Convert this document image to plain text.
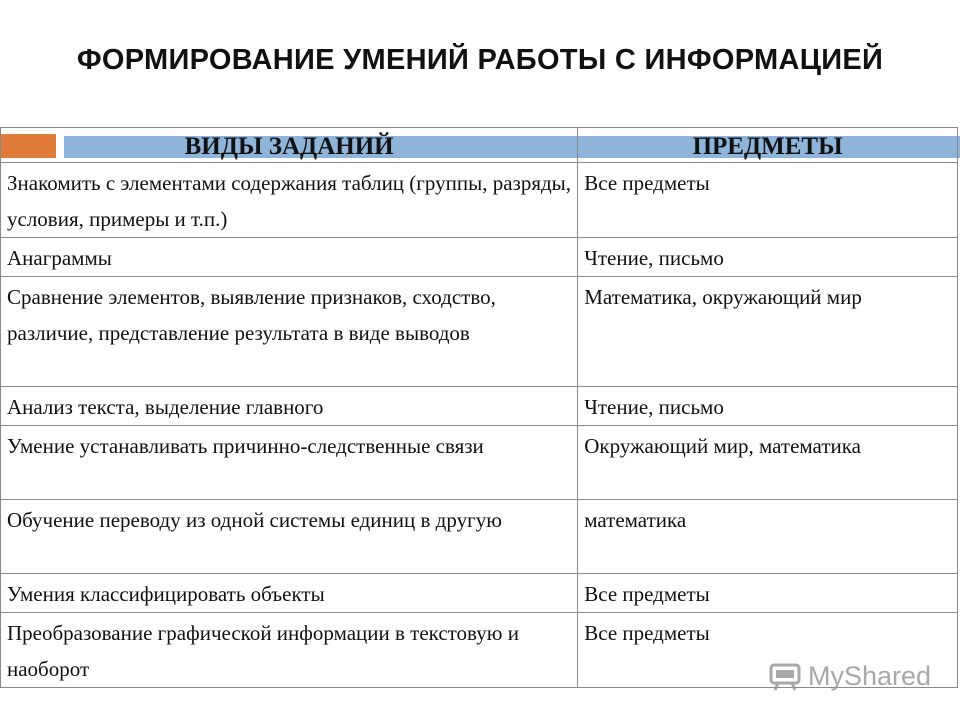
ФОРМИРОВАНИЕ УМЕНИЙ РАБОТЫ С ИНФОРМАЦИЕЙ
ВИДЫ ЗАДАНИЙ	ПРЕДМЕТЫ
Знакомить с элементами содержания таблиц (группы, разряды, условия, примеры и т.п.)	Все предметы
Анаграммы	Чтение, письмо
Сравнение элементов, выявление признаков, сходство, различие, представление результата в виде выводов	Математика, окружающий мир
Анализ текста, выделение главного	Чтение, письмо
Умение устанавливать причинно-следственные связи	Окружающий мир, математика
Обучение переводу из одной системы единиц в другую	математика
Умения классифицировать объекты	Все предметы
Преобразование графической информации в текстовую и наоборот	Все предметы
MyShared
